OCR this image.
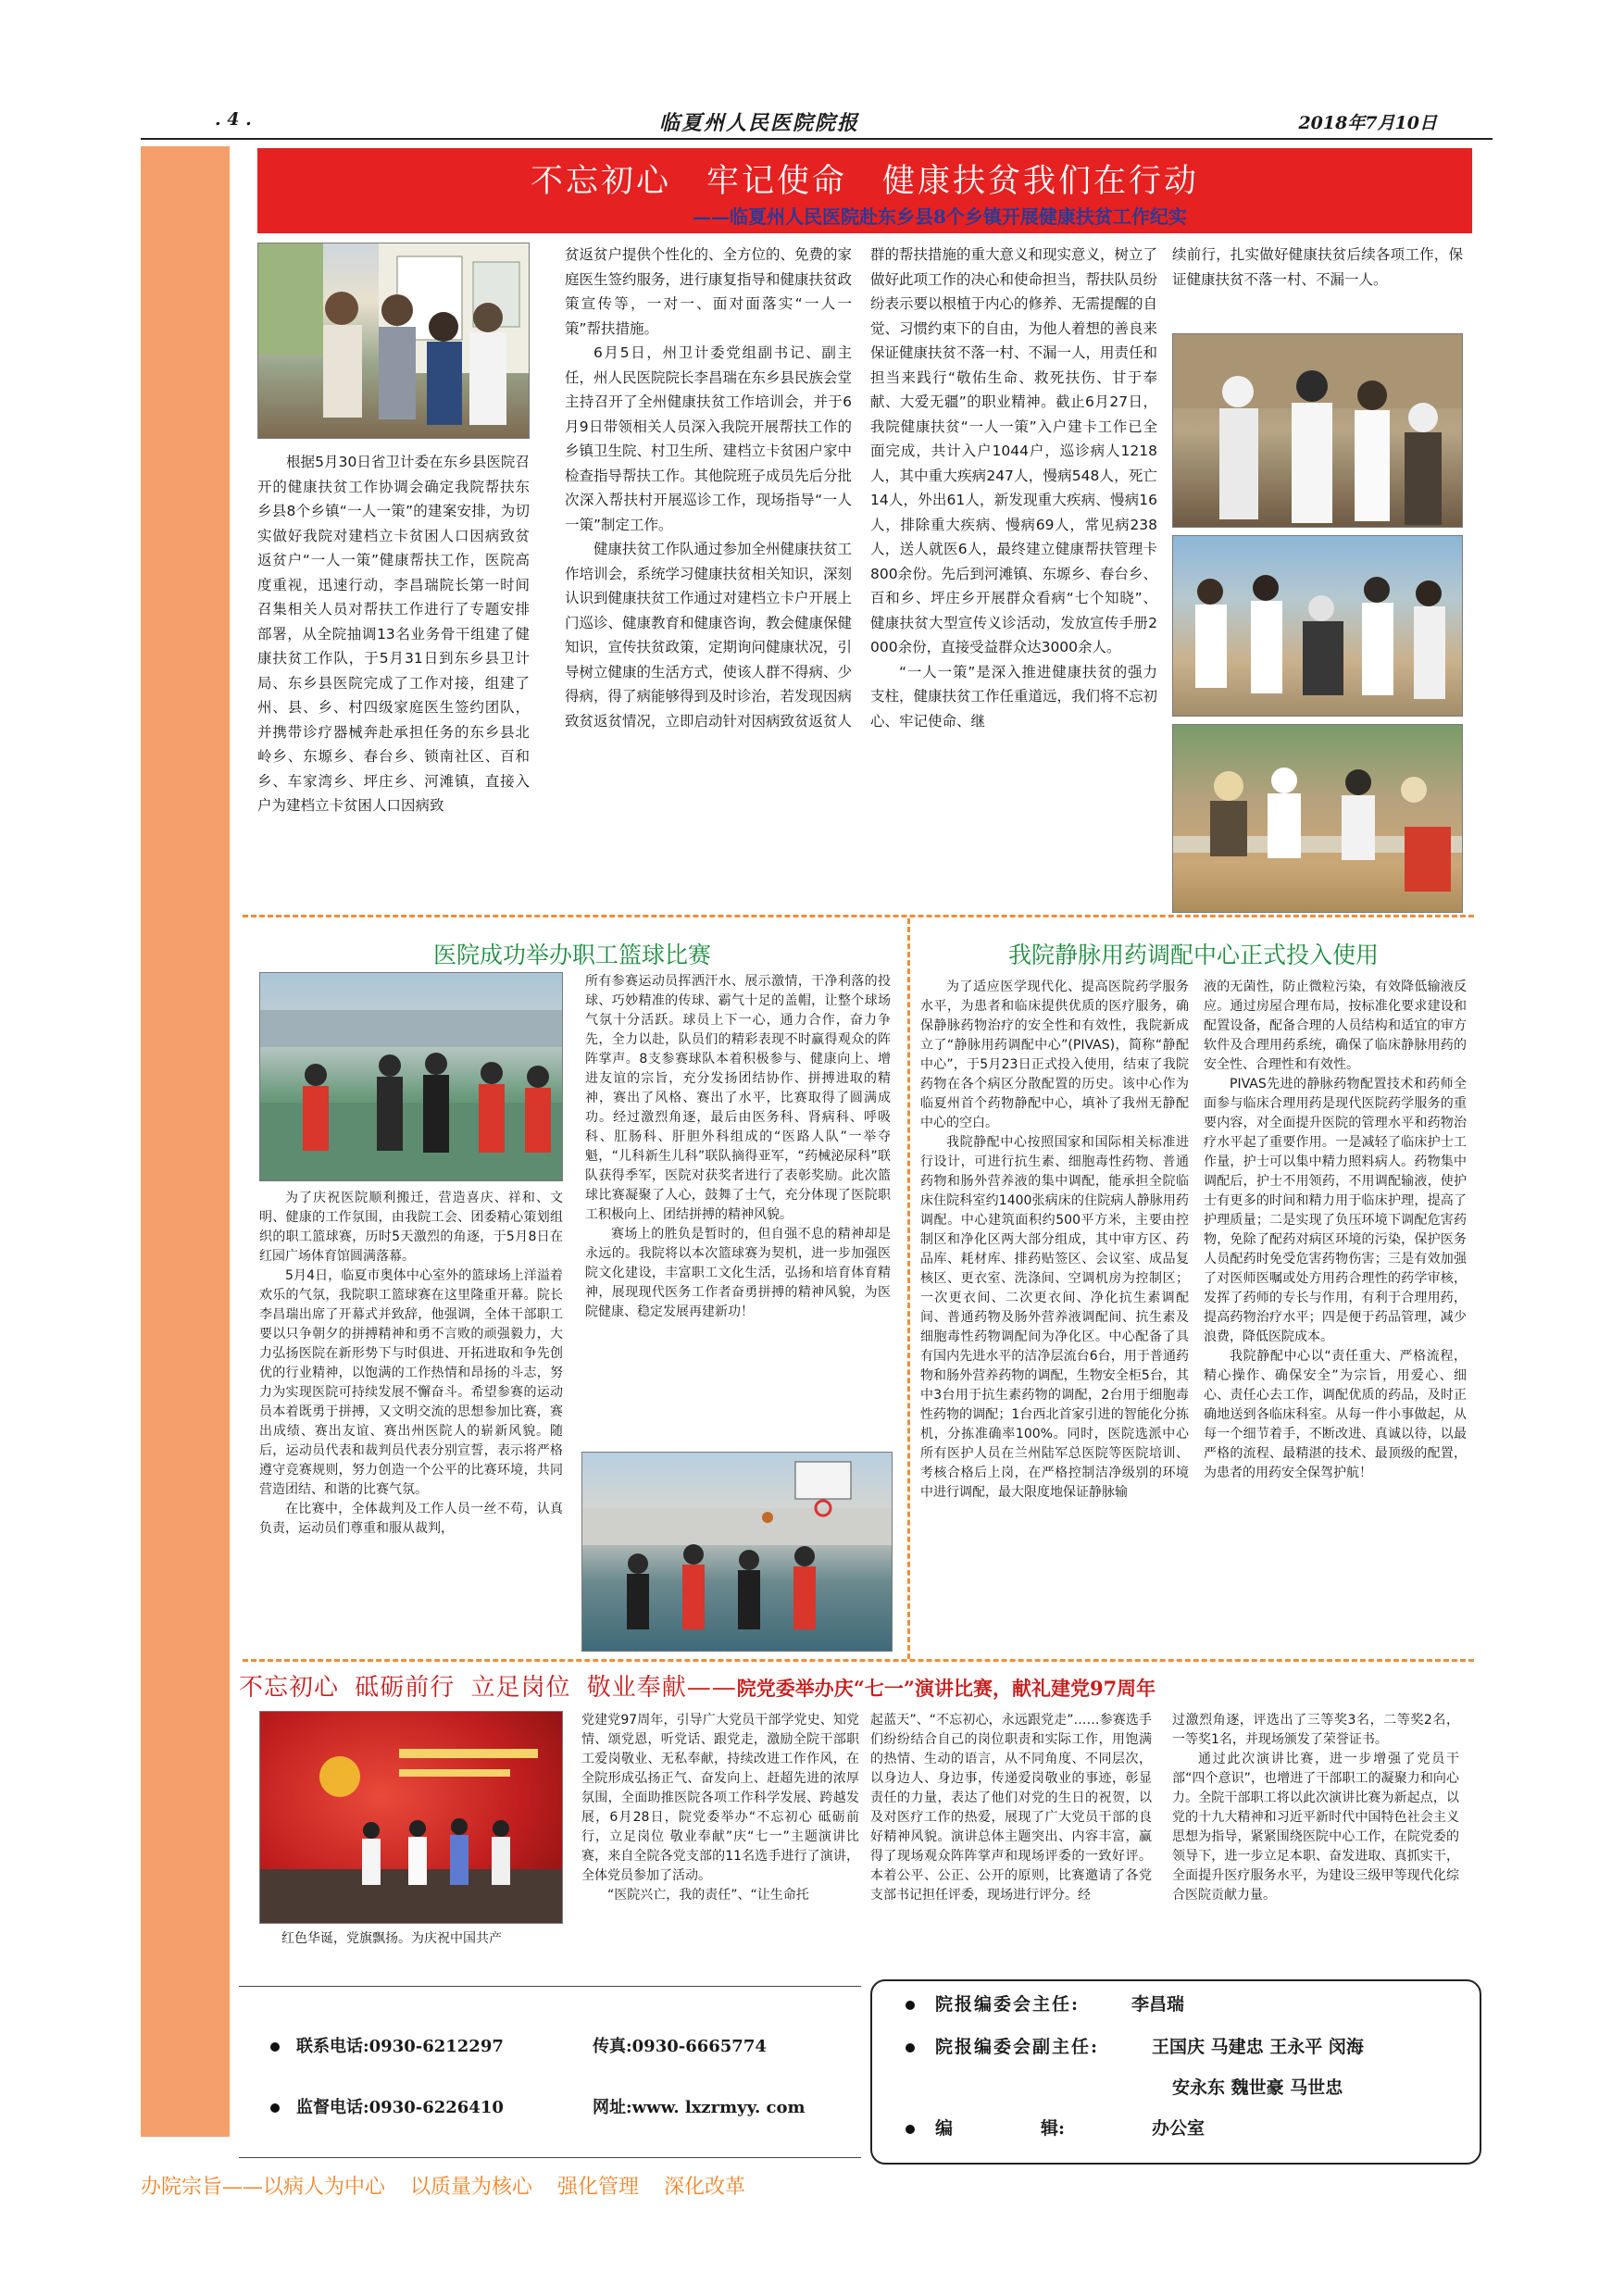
. 4 .	临夏州人民医院院报	2018年7月10日
不忘初心　牢记使命　健康扶贫我们在行动
——临夏州人民医院赴东乡县8个乡镇开展健康扶贫工作纪实

根据5月30日省卫计委在东乡县医院召开的健康扶贫工作协调会确定我院帮扶东乡县8个乡镇“一人一策”的建案安排，为切实做好我院对建档立卡贫困人口因病致贫返贫户“一人一策”健康帮扶工作，医院高度重视，迅速行动，李昌瑞院长第一时间召集相关人员对帮扶工作进行了专题安排部署，从全院抽调13名业务骨干组建了健康扶贫工作队，于5月31日到东乡县卫计局、东乡县医院完成了工作对接，组建了州、县、乡、村四级家庭医生签约团队，并携带诊疗器械奔赴承担任务的东乡县北岭乡、东塬乡、春台乡、锁南社区、百和乡、车家湾乡、坪庄乡、河滩镇，直接入户为建档立卡贫困人口因病致

贫返贫户提供个性化的、全方位的、免费的家庭医生签约服务，进行康复指导和健康扶贫政策宣传等，一对一、面对面落实“一人一策”帮扶措施。

6月5日，州卫计委党组副书记、副主任，州人民医院院长李昌瑞在东乡县民族会堂主持召开了全州健康扶贫工作培训会，并于6月9日带领相关人员深入我院开展帮扶工作的乡镇卫生院、村卫生所、建档立卡贫困户家中检查指导帮扶工作。其他院班子成员先后分批次深入帮扶村开展巡诊工作，现场指导“一人一策”制定工作。

健康扶贫工作队通过参加全州健康扶贫工作培训会，系统学习健康扶贫相关知识，深刻认识到健康扶贫工作通过对建档立卡户开展上门巡诊、健康教育和健康咨询，教会健康保健知识，宣传扶贫政策，定期询问健康状况，引导树立健康的生活方式，使该人群不得病、少得病，得了病能够得到及时诊治，若发现因病致贫返贫情况，立即启动针对因病致贫返贫人

群的帮扶措施的重大意义和现实意义，树立了做好此项工作的决心和使命担当，帮扶队员纷纷表示要以根植于内心的修养、无需提醒的自觉、习惯约束下的自由，为他人着想的善良来保证健康扶贫不落一村、不漏一人，用责任和担当来践行“敬佑生命、救死扶伤、甘于奉献、大爱无疆”的职业精神。截止6月27日，我院健康扶贫“一人一策”入户建卡工作已全面完成，共计入户1044户，巡诊病人1218人，其中重大疾病247人，慢病548人，死亡14人，外出61人，新发现重大疾病、慢病16人，排除重大疾病、慢病69人，常见病238人，送人就医6人，最终建立健康帮扶管理卡800余份。先后到河滩镇、东塬乡、春台乡、百和乡、坪庄乡开展群众看病“七个知晓”、健康扶贫大型宣传义诊活动，发放宣传手册2000余份，直接受益群众达3000余人。

“一人一策”是深入推进健康扶贫的强力支柱，健康扶贫工作任重道远，我们将不忘初心、牢记使命、继

续前行，扎实做好健康扶贫后续各项工作，保证健康扶贫不落一村、不漏一人。

医院成功举办职工篮球比赛

为了庆祝医院顺利搬迁，营造喜庆、祥和、文明、健康的工作氛围，由我院工会、团委精心策划组织的职工篮球赛，历时5天激烈的角逐，于5月8日在红园广场体育馆圆满落幕。

5月4日，临夏市奥体中心室外的篮球场上洋溢着欢乐的气氛，我院职工篮球赛在这里隆重开幕。院长李昌瑞出席了开幕式并致辞，他强调，全体干部职工要以只争朝夕的拼搏精神和勇不言败的顽强毅力，大力弘扬医院在新形势下与时俱进、开拓进取和争先创优的行业精神，以饱满的工作热情和昂扬的斗志，努力为实现医院可持续发展不懈奋斗。希望参赛的运动员本着既勇于拼搏，又文明交流的思想参加比赛，赛出成绩、赛出友谊、赛出州医院人的崭新风貌。随后，运动员代表和裁判员代表分别宣誓，表示将严格遵守竞赛规则，努力创造一个公平的比赛环境，共同营造团结、和谐的比赛气氛。

在比赛中，全体裁判及工作人员一丝不苟，认真负责，运动员们尊重和服从裁判，

所有参赛运动员挥洒汗水、展示激情，干净利落的投球、巧妙精准的传球、霸气十足的盖帽，让整个球场气氛十分活跃。球员上下一心，通力合作，奋力争先，全力以赴，队员们的精彩表现不时赢得观众的阵阵掌声。8支参赛球队本着积极参与、健康向上、增进友谊的宗旨，充分发扬团结协作、拼搏进取的精神，赛出了风格、赛出了水平，比赛取得了圆满成功。经过激烈角逐，最后由医务科、肾病科、呼吸科、肛肠科、肝胆外科组成的“医路人队”一举夺魁，“儿科新生儿科”联队摘得亚军，“药械泌尿科”联队获得季军，医院对获奖者进行了表彰奖励。此次篮球比赛凝聚了人心，鼓舞了士气，充分体现了医院职工积极向上、团结拼搏的精神风貌。

赛场上的胜负是暂时的，但自强不息的精神却是永远的。我院将以本次篮球赛为契机，进一步加强医院文化建设，丰富职工文化生活，弘扬和培育体育精神，展现现代医务工作者奋勇拼搏的精神风貌，为医院健康、稳定发展再建新功！

我院静脉用药调配中心正式投入使用

为了适应医学现代化、提高医院药学服务水平，为患者和临床提供优质的医疗服务，确保静脉药物治疗的安全性和有效性，我院新成立了“静脉用药调配中心”(PIVAS)，简称“静配中心”，于5月23日正式投入使用，结束了我院药物在各个病区分散配置的历史。该中心作为临夏州首个药物静配中心，填补了我州无静配中心的空白。

我院静配中心按照国家和国际相关标准进行设计，可进行抗生素、细胞毒性药物、普通药物和肠外营养液的集中调配，能承担全院临床住院科室约1400张病床的住院病人静脉用药调配。中心建筑面积约500平方米，主要由控制区和净化区两大部分组成，其中审方区、药品库、耗材库、排药贴签区、会议室、成品复核区、更衣室、洗涤间、空调机房为控制区；一次更衣间、二次更衣间、净化抗生素调配间、普通药物及肠外营养液调配间、抗生素及细胞毒性药物调配间为净化区。中心配备了具有国内先进水平的洁净层流台6台，用于普通药物和肠外营养药物的调配，生物安全柜5台，其中3台用于抗生素药物的调配，2台用于细胞毒性药物的调配；1台西北首家引进的智能化分拣机，分拣准确率100%。同时，医院选派中心所有医护人员在兰州陆军总医院等医院培训、考核合格后上岗，在严格控制洁净级别的环境中进行调配，最大限度地保证静脉输

液的无菌性，防止微粒污染，有效降低输液反应。通过房屋合理布局，按标准化要求建设和配置设备，配备合理的人员结构和适宜的审方软件及合理用药系统，确保了临床静脉用药的安全性、合理性和有效性。

PIVAS先进的静脉药物配置技术和药师全面参与临床合理用药是现代医院药学服务的重要内容，对全面提升医院的管理水平和药物治疗水平起了重要作用。一是减轻了临床护士工作量，护士可以集中精力照料病人。药物集中调配后，护士不用领药，不用调配输液，使护士有更多的时间和精力用于临床护理，提高了护理质量；二是实现了负压环境下调配危害药物，免除了配药对病区环境的污染，保护医务人员配药时免受危害药物伤害；三是有效加强了对医师医嘱或处方用药合理性的药学审核，发挥了药师的专长与作用，有利于合理用药，提高药物治疗水平；四是便于药品管理，减少浪费，降低医院成本。

我院静配中心以“责任重大、严格流程，精心操作、确保安全”为宗旨，用爱心、细心、责任心去工作，调配优质的药品，及时正确地送到各临床科室。从每一件小事做起，从每一个细节着手，不断改进、真诚以待，以最严格的流程、最精湛的技术、最顶级的配置，为患者的用药安全保驾护航！

不忘初心 砥砺前行 立足岗位 敬业奉献——院党委举办庆“七一”演讲比赛，献礼建党97周年
红色华诞，党旗飘扬。为庆祝中国共产

党建党97周年，引导广大党员干部学党史、知党情、颂党恩，听党话、跟党走，激励全院干部职工爱岗敬业、无私奉献，持续改进工作作风，在全院形成弘扬正气、奋发向上、赶超先进的浓厚氛围，全面助推医院各项工作科学发展、跨越发展，6月28日，院党委举办“不忘初心 砥砺前行，立足岗位 敬业奉献”庆“七一”主题演讲比赛，来自全院各党支部的11名选手进行了演讲，全体党员参加了活动。

“医院兴亡，我的责任”、“让生命托

起蓝天”、“不忘初心，永远跟党走”……参赛选手们纷纷结合自己的岗位职责和实际工作，用饱满的热情、生动的语言，从不同角度、不同层次，以身边人、身边事，传递爱岗敬业的事迹，彰显责任的力量，表达了他们对党的生日的祝贺，以及对医疗工作的热爱，展现了广大党员干部的良好精神风貌。演讲总体主题突出、内容丰富，赢得了现场观众阵阵掌声和现场评委的一致好评。本着公平、公正、公开的原则，比赛邀请了各党支部书记担任评委，现场进行评分。经

过激烈角逐，评选出了三等奖3名，二等奖2名，一等奖1名，并现场颁发了荣誉证书。

通过此次演讲比赛，进一步增强了党员干部“四个意识”，也增进了干部职工的凝聚力和向心力。全院干部职工将以此次演讲比赛为新起点，以党的十九大精神和习近平新时代中国特色社会主义思想为指导，紧紧围绕医院中心工作，在院党委的领导下，进一步立足本职、奋发进取、真抓实干，全面提升医疗服务水平，为建设三级甲等现代化综合医院贡献力量。

联系电话:0930-6212297	传真:0930-6665774
监督电话:0930-6226410	网址:www. lxzrmyy. com
院报编委会主任:	李昌瑞
院报编委会副主任:	王国庆 马建忠 王永平 闵海
安永东 魏世豪 马世忠
编　　　　　辑:	办公室
办院宗旨——以病人为中心 以质量为核心 强化管理 深化改革
